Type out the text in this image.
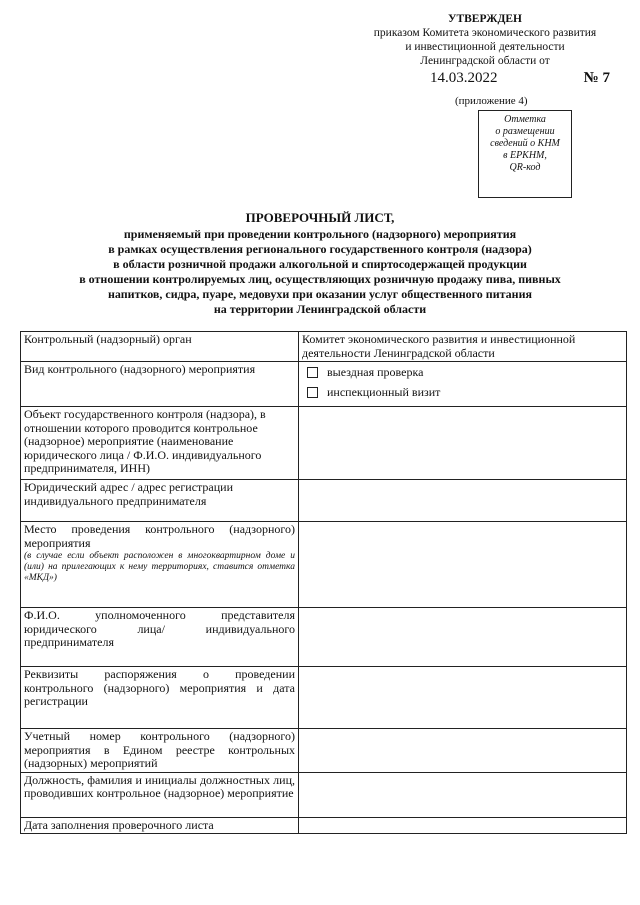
УТВЕРЖДЕН
приказом Комитета экономического развития
и инвестиционной деятельности
Ленинградской области от
14.03.2022	№ 7
(приложение 4)
Отметка
о размещении
сведений о КНМ
в ЕРКНМ,
QR-код
ПРОВЕРОЧНЫЙ ЛИСТ,
применяемый при проведении контрольного (надзорного) мероприятия
в рамках осуществления регионального государственного контроля (надзора)
в области розничной продажи алкогольной и спиртосодержащей продукции
в отношении контролируемых лиц, осуществляющих розничную продажу пива, пивных
напитков, сидра, пуаре, медовухи при оказании услуг общественного питания
на территории Ленинградской области
Контрольный (надзорный) орган	Комитет экономического развития и инвестиционной деятельности Ленинградской области
Вид контрольного (надзорного) мероприятия	выездная проверка
инспекционный визит

Объект государственного контроля (надзора), в отношении которого проводится контрольное (надзорное) мероприятие (наименование юридического лица / Ф.И.О. индивидуального предпринимателя, ИНН)	
Юридический адрес / адрес регистрации индивидуального предпринимателя	

Место проведения контрольного (надзорного) мероприятия
(в случае если объект расположен в многоквартирном доме и (или) на прилегающих к нему территориях, ставится отметка «МКД»)	

Ф.И.О. уполномоченного представителя юридического лица/ индивидуального предпринимателя	
Реквизиты распоряжения о проведении контрольного (надзорного) мероприятия и дата регистрации	
Учетный номер контрольного (надзорного) мероприятия в Едином реестре контрольных (надзорных) мероприятий	
Должность, фамилия и инициалы должностных лиц, проводивших контрольное (надзорное) мероприятие	
Дата заполнения проверочного листа	
